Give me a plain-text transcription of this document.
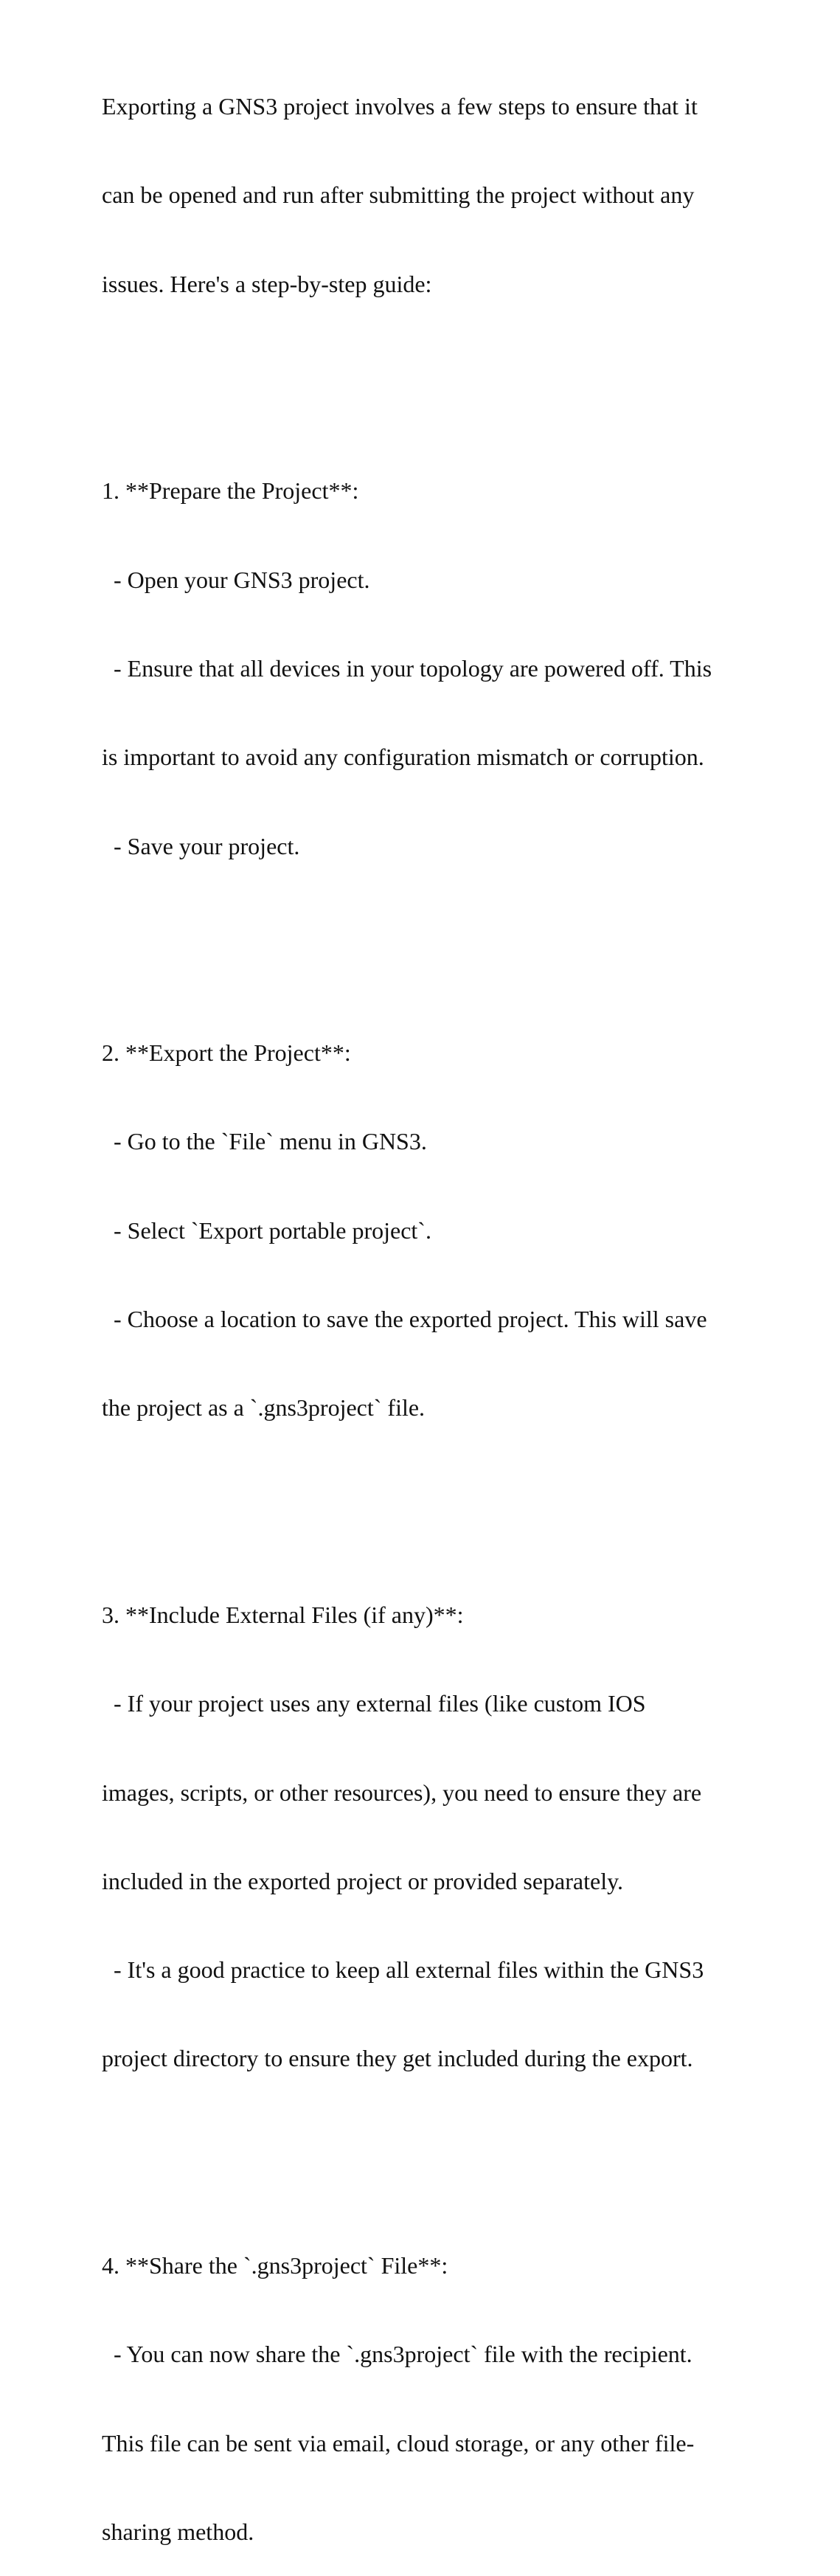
Exporting a GNS3 project involves a few steps to ensure that it

can be opened and run after submitting the project without any

issues. Here's a step-by-step guide:

1. **Prepare the Project**:

- Open your GNS3 project.

- Ensure that all devices in your topology are powered off. This

is important to avoid any configuration mismatch or corruption.

- Save your project.

2. **Export the Project**:

- Go to the `File` menu in GNS3.

- Select `Export portable project`.

- Choose a location to save the exported project. This will save

the project as a `.gns3project` file.

3. **Include External Files (if any)**:

- If your project uses any external files (like custom IOS

images, scripts, or other resources), you need to ensure they are

included in the exported project or provided separately.

- It's a good practice to keep all external files within the GNS3

project directory to ensure they get included during the export.

4. **Share the `.gns3project` File**:

- You can now share the `.gns3project` file with the recipient.

This file can be sent via email, cloud storage, or any other file-

sharing method.
